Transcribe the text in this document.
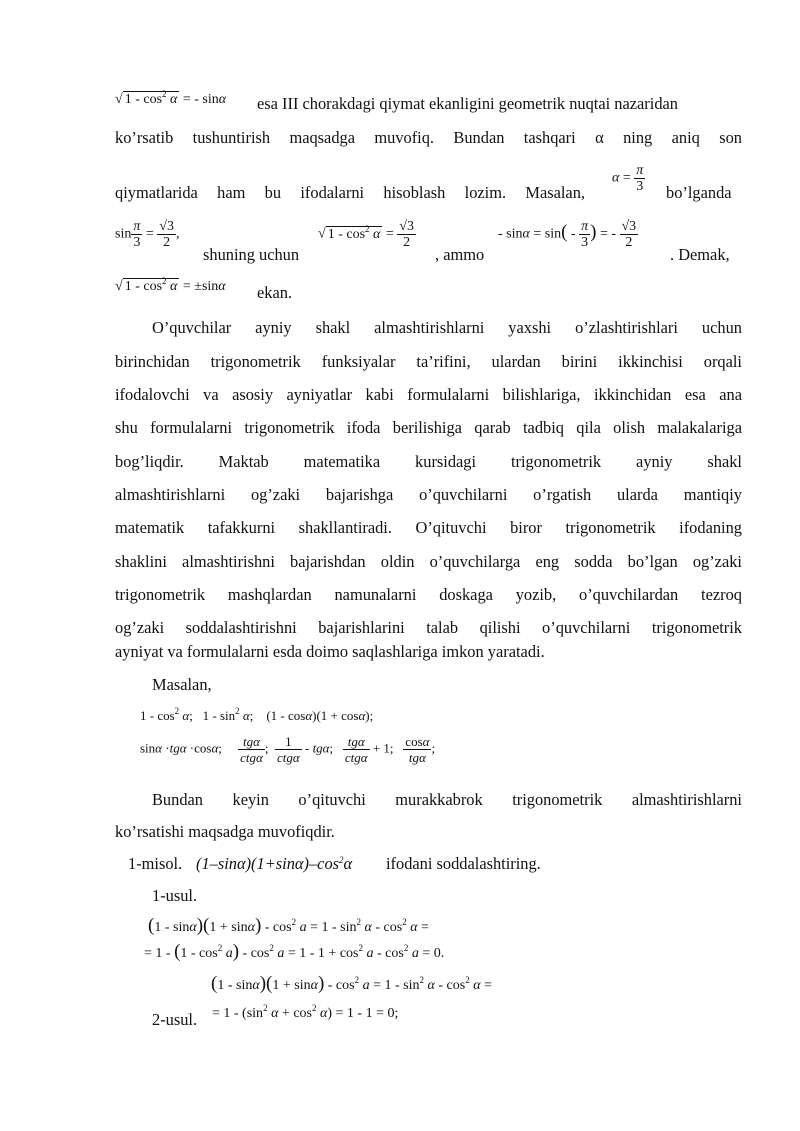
√ $1 - \cos^2 \alpha$ = - sinα esa III chorakdagi qiymat ekanligini geometrik nuqtai nazaridan
ko’rsatib tushuntirish maqsadga muvofiq. Bundan tashqari α ning aniq son
qiymatlarida ham bu ifodalarni hisoblash lozim. Masalan,
$\alpha = \frac{\pi}{3}$ bo’lganda
$\sin \frac{\pi}{3} = \frac{√3}{2}$ ,
shuning uchun
√ $1 - \cos^2 \alpha = \frac{√3}{2}$
, ammo
- $\sin\alpha = \sin( - \frac{\pi}{3}$ ) = - $\frac{√3}{2}$
. Demak,
√ $1 - \cos^2 \alpha = \pm\sin\alpha$ ekan.
O’quvchilar ayniy shakl almashtirishlarni yaxshi o’zlashtirishlari uchun
birinchidan trigonometrik funksiyalar ta’rifini, ulardan birini ikkinchisi orqali
ifodalovchi va asosiy ayniyatlar kabi formulalarni bilishlariga, ikkinchidan esa ana
shu formulalarni trigonometrik ifoda berilishiga qarab tadbiq qila olish malakalariga
bog’liqdir. Maktab matematika kursidagi trigonometrik ayniy shakl
almashtirishlarni og’zaki bajarishga o’quvchilarni o’rgatish ularda mantiqiy
matematik tafakkurni shakllantiradi. O’qituvchi biror trigonometrik ifodaning
shaklini almashtirishni bajarishdan oldin o’quvchilarga eng sodda bo’lgan og’zaki
trigonometrik mashqlardan namunalarni doskaga yozib, o’quvchilardan tezroq
og’zaki soddalashtirishni bajarishlarini talab qilishi o’quvchilarni trigonometrik
ayniyat va formulalarni esda doimo saqlashlariga imkon yaratadi.
Masalan,
$1 - \cos^2 \alpha$;   $1 - \sin^2 \alpha$;    (1 - cosα)(1 + cosα);
sinα ·tgα ·cosα; $\frac{\text{tgα}}{\text{ctgα}}$ ; $\frac{1}{\text{ctgα}}$ - tgα; $\frac{\text{tgα}}{\text{ctgα}} + 1$; $\frac{\cos\alpha}{\text{tgα}}$ ;
Bundan keyin o’qituvchi murakkabrok trigonometrik almashtirishlarni
ko’rsatishi maqsadga muvofiqdir.
1-misol. $(1-\sin\alpha)(1+\sin\alpha)-\cos^2\alpha$ ifodani soddalashtiring.
1-usul.
$(1 - \sin\alpha)(1 + \sin\alpha) - \cos^2 a = 1 - \sin^2 \alpha - \cos^2 \alpha$ =
= $1 - (1 - \cos^2 a) - \cos^2 a = 1 - 1 + \cos^2 a - \cos^2 a = 0$.
$(1 - \sin\alpha)(1 + \sin\alpha) - \cos^2 a = 1 - \sin^2 \alpha - \cos^2 \alpha$ =
2-usul. = $1 - (\sin^2$ $\alpha + \cos^2 \alpha) = 1 - 1 = 0$;
